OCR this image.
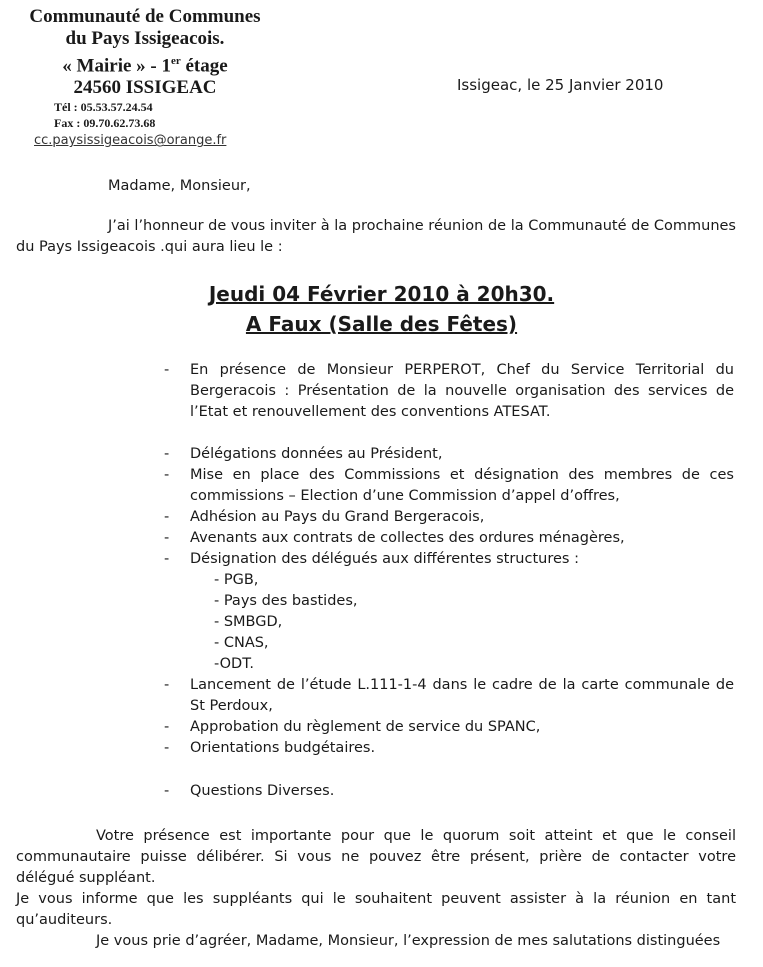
Communauté de Communes
du Pays Issigeacois.
« Mairie » - 1er étage
24560 ISSIGEAC
Tél : 05.53.57.24.54
Fax : 09.70.62.73.68
cc.paysissigeacois@orange.fr
Issigeac, le 25 Janvier 2010
Madame, Monsieur,
J’ai l’honneur de vous inviter à la prochaine réunion de la Communauté de Communes du Pays Issigeacois .qui aura lieu le :
Jeudi 04 Février 2010 à 20h30.
A Faux (Salle des Fêtes)
- En présence de Monsieur PERPEROT, Chef du Service Territorial du Bergeracois : Présentation de la nouvelle organisation des services de l’Etat et renouvellement des conventions ATESAT.
- Délégations données au Président,
- Mise en place des Commissions et désignation des membres de ces commissions – Election d’une Commission d’appel d’offres,
- Adhésion au Pays du Grand Bergeracois,
- Avenants aux contrats de collectes des ordures ménagères,
- Désignation des délégués aux différentes structures :
- PGB,
- Pays des bastides,
- SMBGD,
- CNAS,
-ODT.
- Lancement de l’étude L.111-1-4 dans le cadre de la carte communale de St Perdoux,
- Approbation du règlement de service du SPANC,
- Orientations budgétaires.
- Questions Diverses.

Votre présence est importante pour que le quorum soit atteint et que le conseil communautaire puisse délibérer. Si vous ne pouvez être présent, prière de contacter votre délégué suppléant.

Je vous informe que les suppléants qui le souhaitent peuvent assister à la réunion en tant qu’auditeurs.

Je vous prie d’agréer, Madame, Monsieur, l’expression de mes salutations distinguées
